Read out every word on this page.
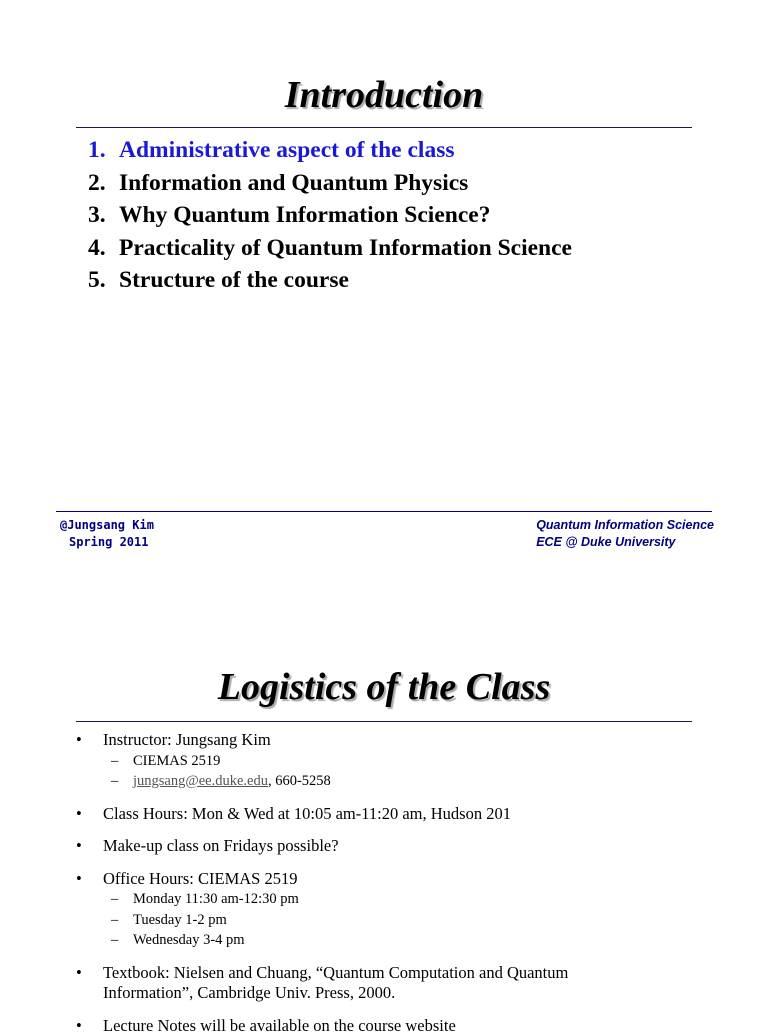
Introduction
1. Administrative aspect of the class
2. Information and Quantum Physics
3. Why Quantum Information Science?
4. Practicality of Quantum Information Science
5. Structure of the course
@Jungsang Kim
Spring 2011
Quantum Information Science
ECE @ Duke University
Logistics of the Class
• Instructor: Jungsang Kim
– CIEMAS 2519
– jungsang@ee.duke.edu, 660-5258
• Class Hours: Mon & Wed at 10:05 am-11:20 am, Hudson 201
• Make-up class on Fridays possible?
• Office Hours: CIEMAS 2519
– Monday 11:30 am-12:30 pm
– Tuesday 1-2 pm
– Wednesday 3-4 pm
• Textbook: Nielsen and Chuang, “Quantum Computation and Quantum
Information”, Cambridge Univ. Press, 2000.
• Lecture Notes will be available on the course website
